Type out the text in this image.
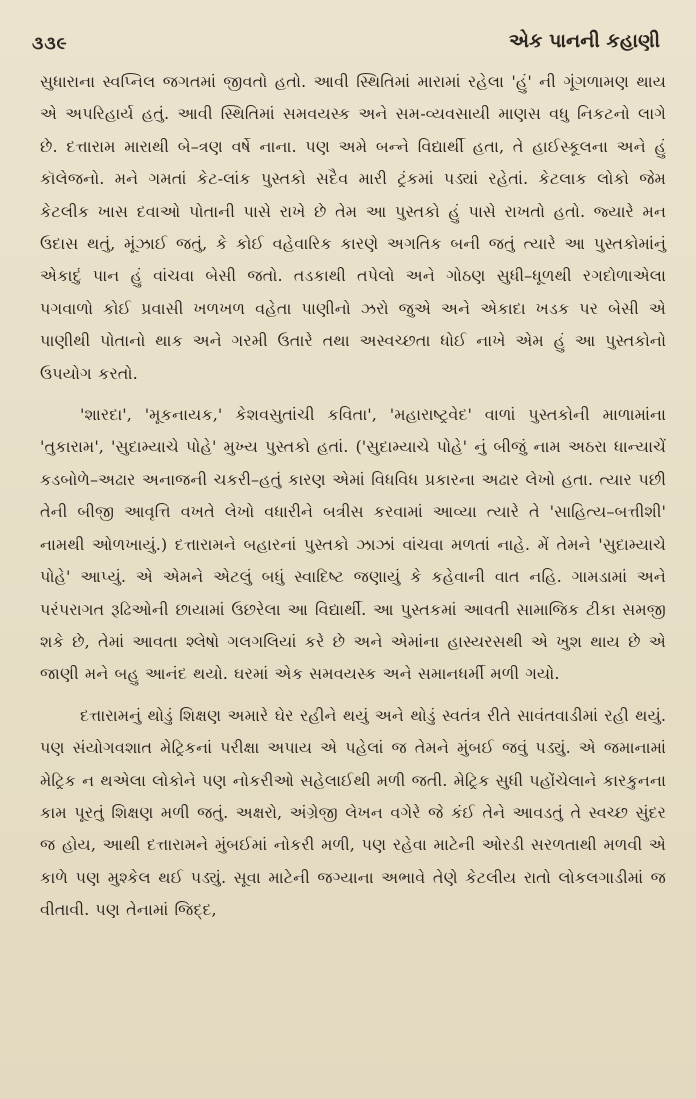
૩૩૯	એક પાનની કહાણી

સુધારાના સ્વપ્નિલ જગતમાં જીવતો હતો. આવી સ્થિતિમાં મારામાં રહેલા 'હું' ની ગૂંગળામણ થાય એ અપરિહાર્ય હતું. આવી સ્થિતિમાં સમવયસ્ક અને સમ-વ્યવસાયી માણસ વધુ નિકટનો લાગે છે. દત્તારામ મારાથી બે–ત્રણ વર્ષે નાના. પણ અમે બન્ને વિદ્યાર્થી હતા, તે હાઈસ્કૂલના અને હું કૉલેજનો. મને ગમતાં કેટ-લાંક પુસ્તકો સદૈવ મારી ટ્રંકમાં પડ્યાં રહેતાં. કેટલાક લોકો જેમ કેટલીક ખાસ દવાઓ પોતાની પાસે રાખે છે તેમ આ પુસ્તકો હું પાસે રાખતો હતો. જ્યારે મન ઉદાસ થતું, મૂંઝાઈ જતું, કે કોઈ વહેવારિક કારણે અગતિક બની જતું ત્યારે આ પુસ્તકોમાંનું એકાદું પાન હું વાંચવા બેસી જતો. તડકાથી તપેલો અને ગોઠણ સુધી–ધૂળથી રગદોળાએલા પગવાળો કોઈ પ્રવાસી ખળખળ વહેતા પાણીનો ઝરો જુએ અને એકાદા ખડક પર બેસી એ પાણીથી પોતાનો થાક અને ગરમી ઉતારે તથા અસ્વચ્છતા ધોઈ નાખે એમ હું આ પુસ્તકોનો ઉપયોગ કરતો.

'શારદા', 'મૂકનાયક,' કેશવસુતાંચી કવિતા', 'મહારાષ્ટ્રવેદ' વાળાં પુસ્તકોની માળામાંના 'તુકારામ', 'સુદામ્યાચે પોહે' મુખ્ય પુસ્તકો હતાં. ('સુદામ્યાચે પોહે' નું બીજું નામ અઠરા ધાન્યાચેં કડબોળે–અઢાર અનાજની ચકરી–હતું કારણ એમાં વિધવિધ પ્રકારના અઢાર લેખો હતા. ત્યાર પછી તેની બીજી આવૃત્તિ વખતે લેખો વધારીને બત્રીસ કરવામાં આવ્યા ત્યારે તે 'સાહિત્ય–બત્તીશી' નામથી ઓળખાયું.) દત્તારામને બહારનાં પુસ્તકો ઝાઝાં વાંચવા મળતાં નાહે. મેં તેમને 'સુદામ્યાચે પોહે' આપ્યું. એ એમને એટલું બધું સ્વાદિષ્ટ જણાયું કે કહેવાની વાત નહિ. ગામડામાં અને પરંપરાગત રૂઢિઓની છાયામાં ઉછરેલા આ વિદ્યાર્થી. આ પુસ્તકમાં આવતી સામાજિક ટીકા સમજી શકે છે, તેમાં આવતા શ્લેષો ગલગલિયાં કરે છે અને એમાંના હાસ્યરસથી એ ખુશ થાય છે એ જાણી મને બહુ આનંદ થયો. ઘરમાં એક સમવયસ્ક અને સમાનધર્મી મળી ગયો.

દત્તારામનું થોડું શિક્ષણ અમારે ઘેર રહીને થયું અને થોડું સ્વતંત્ર રીતે સાવંતવાડીમાં રહી થયું. પણ સંયોગવશાત મેટ્રિકનાં પરીક્ષા અપાય એ પહેલાં જ તેમને મુંબઈ જવું પડ્યું. એ જમાનામાં મેટ્રિક ન થએલા લોકોને પણ નોકરીઓ સહેલાઈથી મળી જતી. મેટ્રિક સુધી પહોંચેલાને કારકુનના કામ પૂરતું શિક્ષણ મળી જતું. અક્ષરો, અંગ્રેજી લેખન વગેરે જે કંઈ તેને આવડતું તે સ્વચ્છ સુંદર જ હોય, આથી દત્તારામને મુંબઈમાં નોકરી મળી, પણ રહેવા માટેની ઓરડી સરળતાથી મળવી એ કાળે પણ મુશ્કેલ થઈ પડ્યું. સૂવા માટેની જગ્યાના અભાવે તેણે કેટલીય રાતો લોકલગાડીમાં જ વીતાવી. પણ તેનામાં જિદ્દ,
